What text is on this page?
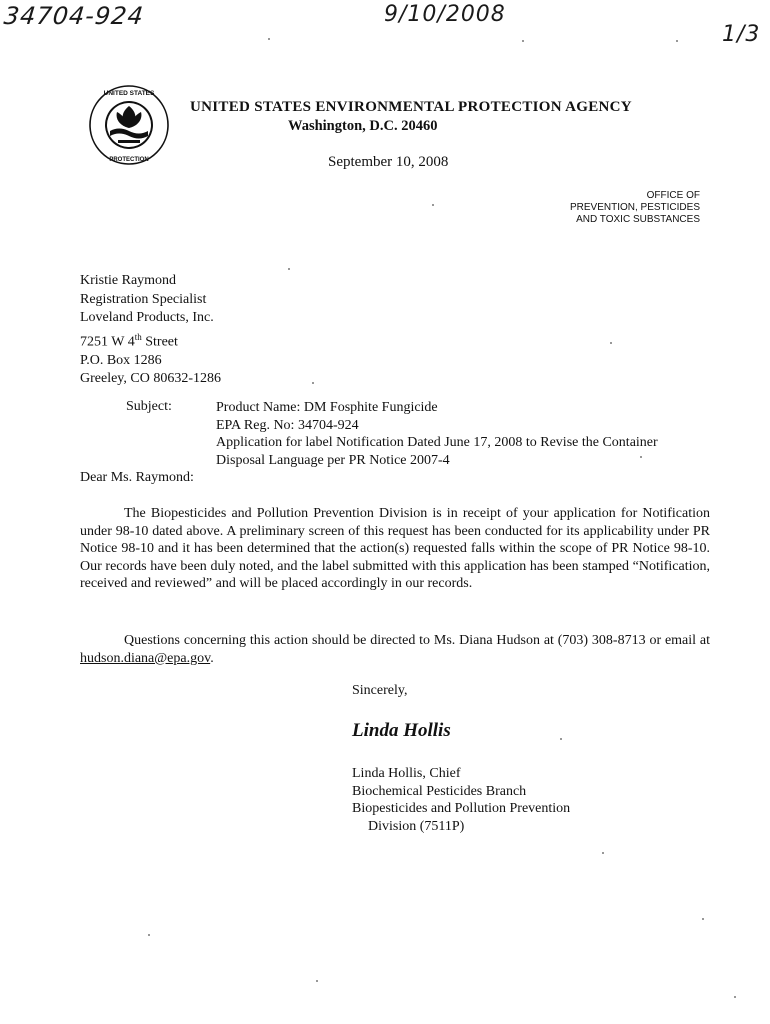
34704-924	9/10/2008
1/3
UNITED STATES
PROTECTION
UNITED STATES ENVIRONMENTAL PROTECTION AGENCY
Washington, D.C. 20460
September 10, 2008
OFFICE OF
PREVENTION, PESTICIDES
AND TOXIC SUBSTANCES
Kristie Raymond
Registration Specialist
Loveland Products, Inc.
7251 W 4th Street
P.O. Box 1286
Greeley, CO 80632-1286
Subject:	Product Name: DM Fosphite Fungicide
EPA Reg. No: 34704-924
Application for label Notification Dated June 17, 2008 to Revise the Container
Disposal Language per PR Notice 2007-4
Dear Ms. Raymond:
The Biopesticides and Pollution Prevention Division is in receipt of your application for Notification under 98-10 dated above. A preliminary screen of this request has been conducted for its applicability under PR Notice 98-10 and it has been determined that the action(s) requested falls within the scope of PR Notice 98-10. Our records have been duly noted, and the label submitted with this application has been stamped “Notification, received and reviewed” and will be placed accordingly in our records.
Questions concerning this action should be directed to Ms. Diana Hudson at (703) 308-8713 or email at hudson.diana@epa.gov.
Sincerely,
Linda Hollis
Linda Hollis, Chief
Biochemical Pesticides Branch
Biopesticides and Pollution Prevention
Division (7511P)
